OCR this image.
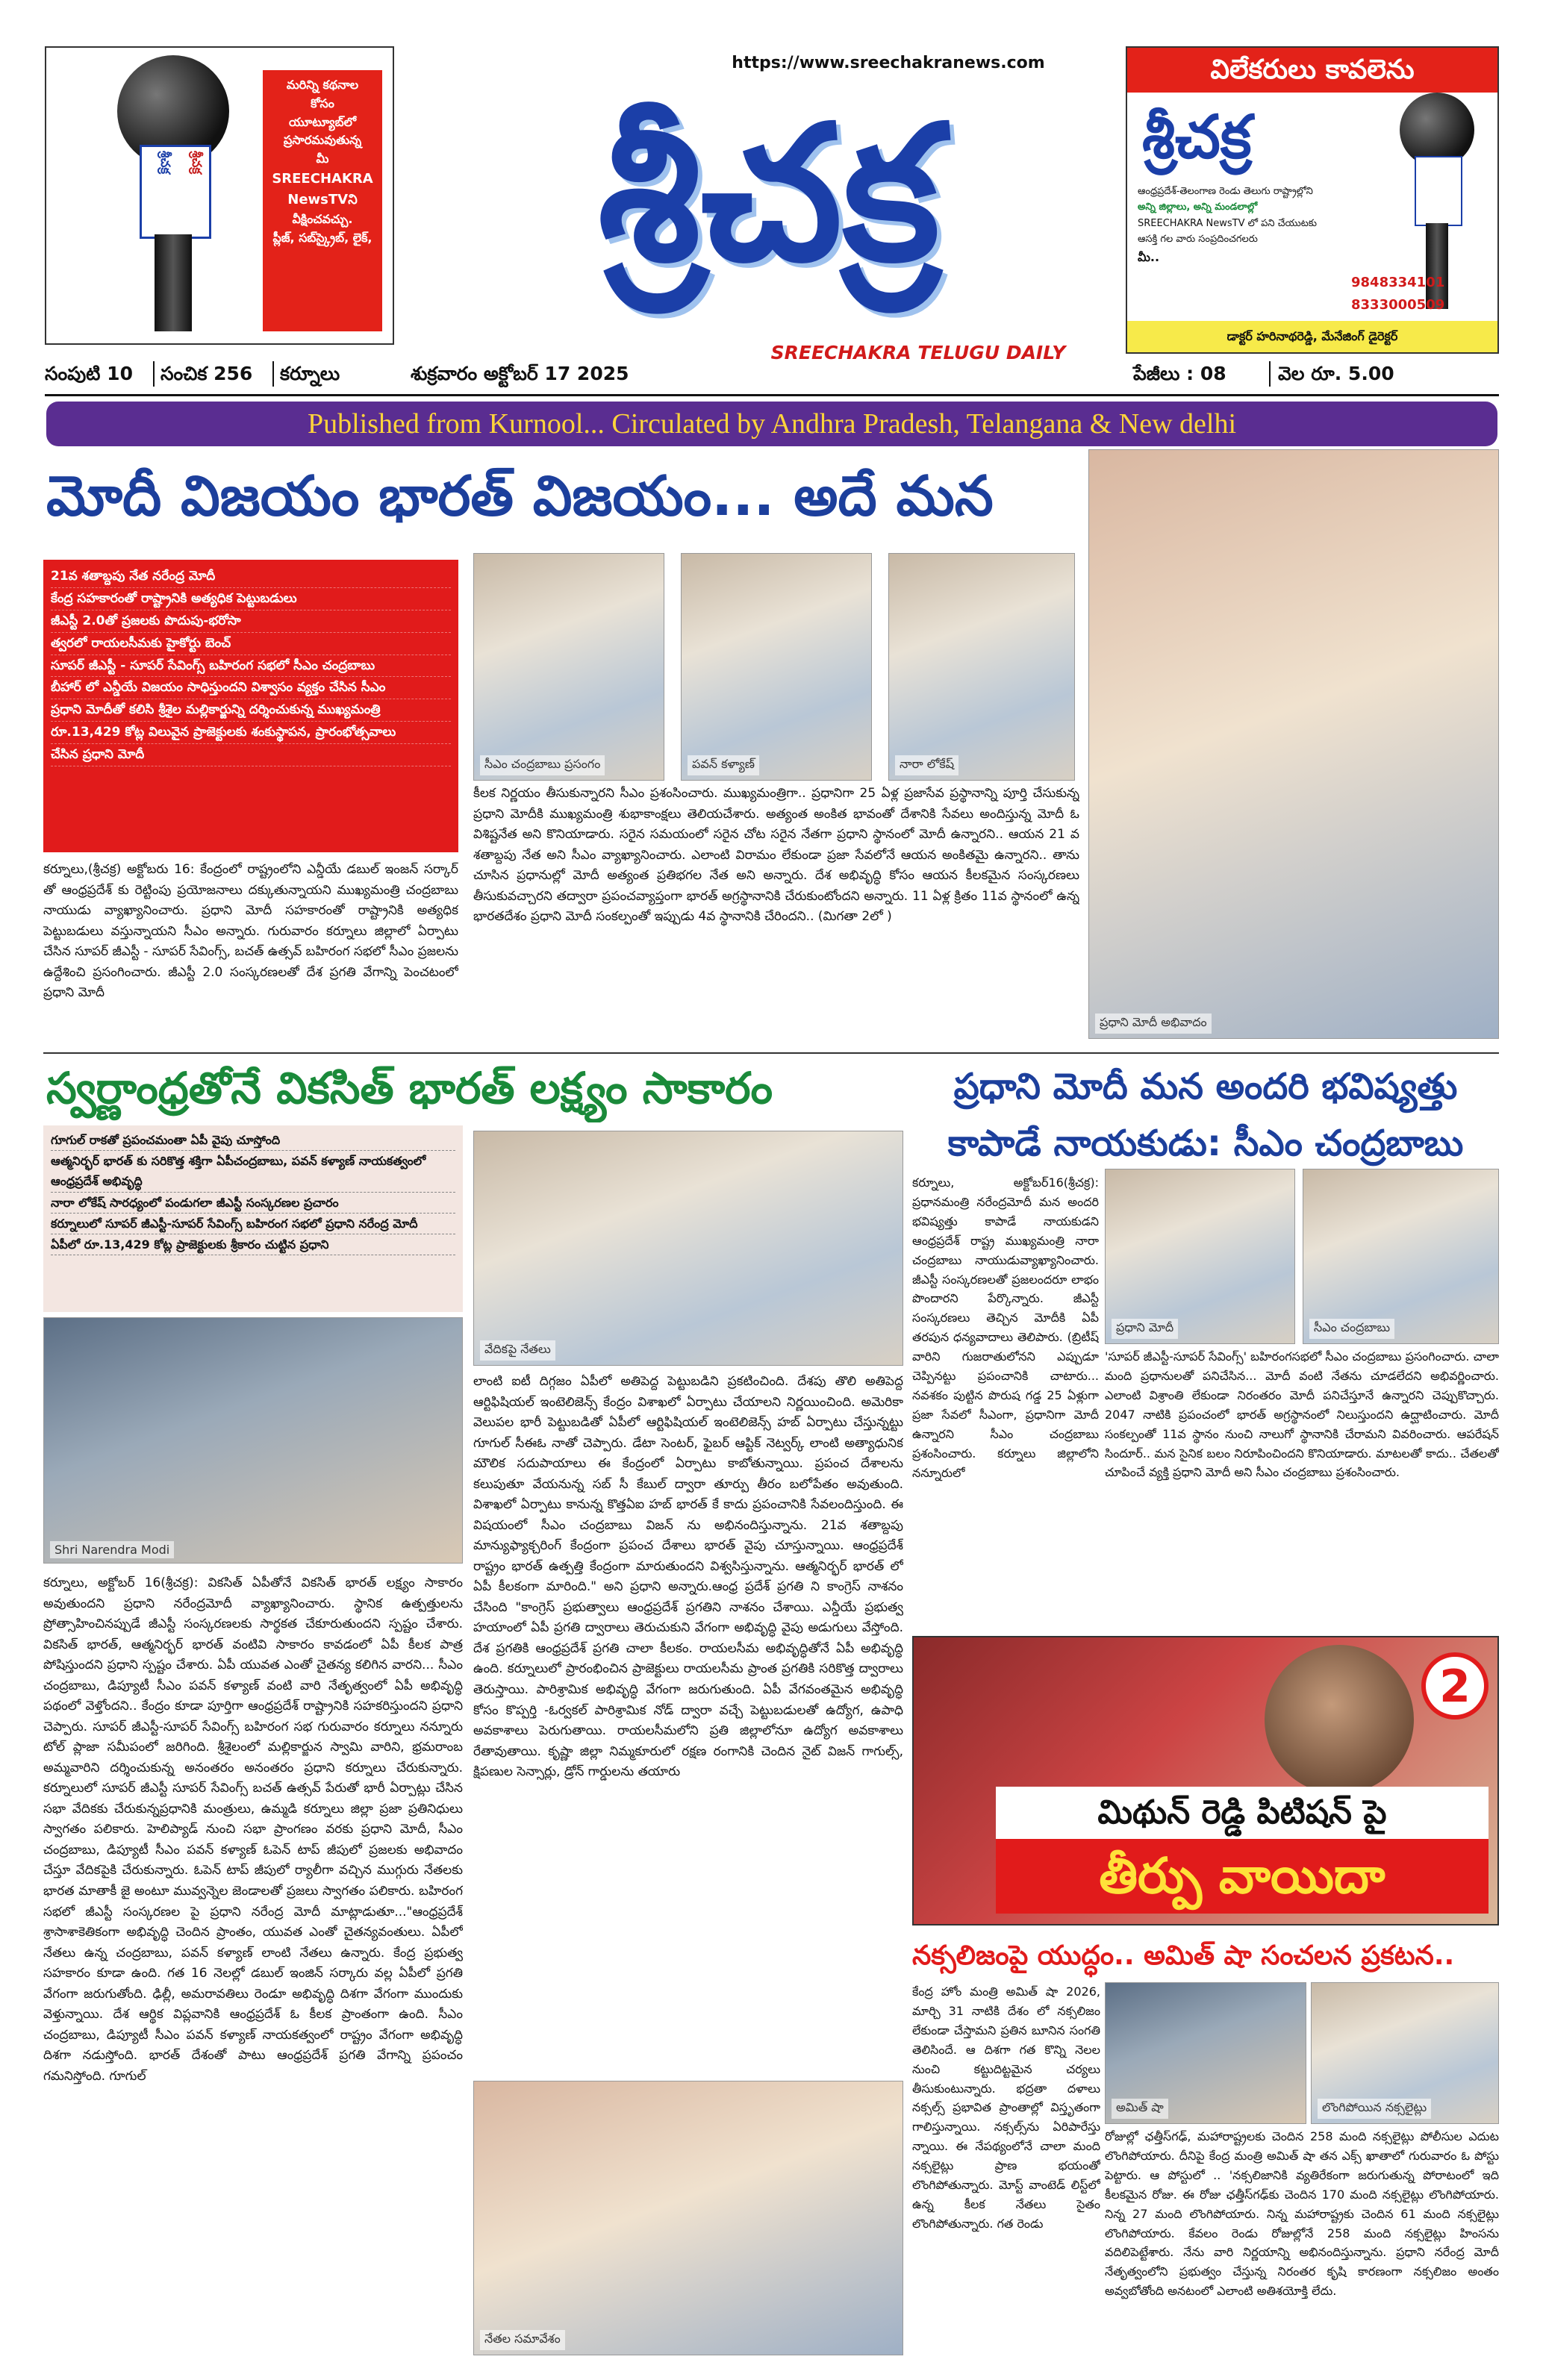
శ్రీచక్ర	శ్రీచక్ర
మరిన్ని కథనాల
కోసం
యూట్యూబ్‌లో
ప్రసారమవుతున్న
మీ
SREECHAKRA
NewsTVని
వీక్షించవచ్చు.
ప్లీజ్, సబ్‌స్క్రైబ్, లైక్,
https://www.sreechakranews.com
శ్రీచక్ర
SREECHAKRA TELUGU DAILY
విలేకరులు కావలెను
శ్రీచక్ర
ఆంధ్రప్రదేశ్-తెలంగాణ రెండు తెలుగు రాష్ట్రాల్లోని
అన్ని జిల్లాలు, అన్ని మండలాల్లో
SREECHAKRA NewsTV లో పని చేయుటకు
ఆసక్తి గల వారు సంప్రదించగలరు
మీ..
9848334101
8333000509
డాక్టర్ హరినాథరెడ్డి, మేనేజింగ్ డైరెక్టర్
సంపుటి 10 సంచిక 256 కర్నూలు	శుక్రవారం అక్టోబర్ 17 2025	పేజీలు : 08	వెల రూ. 5.00
Published from Kurnool... Circulated by Andhra Pradesh, Telangana & New delhi
మోదీ విజయం భారత్ విజయం... అదే మన
21వ శతాబ్దపు నేత నరేంద్ర మోదీ
కేంద్ర సహకారంతో రాష్ట్రానికి అత్యధిక పెట్టుబడులు
జీఎస్టీ 2.0తో ప్రజలకు పొదుపు-భరోసా
త్వరలో రాయలసీమకు హైకోర్టు బెంచ్
సూపర్ జీఎస్టీ - సూపర్ సేవింగ్స్ బహిరంగ సభలో సీఎం చంద్రబాబు
బీహార్ లో ఎన్డీయే విజయం సాధిస్తుందని విశ్వాసం వ్యక్తం చేసిన సీఎం
ప్రధాని మోదీతో కలిసి శ్రీశైల మల్లికార్జున్ని దర్శించుకున్న ముఖ్యమంత్రి
రూ.13,429 కోట్ల విలువైన ప్రాజెక్టులకు శంకుస్థాపన, ప్రారంభోత్సవాలు
చేసిన ప్రధాని మోదీ
సీఎం చంద్రబాబు ప్రసంగం	పవన్ కళ్యాణ్	నారా లోకేష్
ప్రధాని మోదీ అభివాదం
కర్నూలు,(శ్రీచక్ర) అక్టోబరు 16: కేంద్రంలో రాష్ట్రంలోని ఎన్డీయే డబుల్ ఇంజన్ సర్కార్ తో ఆంధ్రప్రదేశ్ కు రెట్టింపు ప్రయోజనాలు దక్కుతున్నాయని ముఖ్యమంత్రి చంద్రబాబు నాయుడు వ్యాఖ్యానించారు. ప్రధాని మోదీ సహకారంతో రాష్ట్రానికి అత్యధిక పెట్టుబడులు వస్తున్నాయని సీఎం అన్నారు. గురువారం కర్నూలు జిల్లాలో ఏర్పాటు చేసిన సూపర్ జీఎస్టీ - సూపర్ సేవింగ్స్, బచత్ ఉత్సవ్ బహిరంగ సభలో సీఎం ప్రజలను ఉద్దేశించి ప్రసంగించారు. జీఎస్టీ 2.0 సంస్కరణలతో దేశ ప్రగతి వేగాన్ని పెంచటంలో ప్రధాని మోదీ
కీలక నిర్ణయం తీసుకున్నారని సీఎం ప్రశంసించారు. ముఖ్యమంత్రిగా.. ప్రధానిగా 25 ఏళ్ల ప్రజాసేవ ప్రస్థానాన్ని పూర్తి చేసుకున్న ప్రధాని మోదీకి ముఖ్యమంత్రి శుభాకాంక్షలు తెలియచేశారు. అత్యంత అంకిత భావంతో దేశానికి సేవలు అందిస్తున్న మోదీ ఓ విశిష్టనేత అని కొనియాడారు. సరైన సమయంలో సరైన చోట సరైన నేతగా ప్రధాని స్థానంలో మోదీ ఉన్నారని.. ఆయన 21 వ శతాబ్దపు నేత అని సీఎం వ్యాఖ్యానించారు. ఎలాంటి విరామం లేకుండా ప్రజా సేవలోనే ఆయన అంకితమై ఉన్నారని.. తాను చూసిన ప్రధానుల్లో మోదీ అత్యంత ప్రతిభగల నేత అని అన్నారు. దేశ అభివృద్ధి కోసం ఆయన కీలకమైన సంస్కరణలు తీసుకువచ్చారని తద్వారా ప్రపంచవ్యాప్తంగా భారత్ అగ్రస్థానానికి చేరుకుంటోందని అన్నారు. 11 ఏళ్ల క్రితం 11వ స్థానంలో ఉన్న భారతదేశం ప్రధాని మోదీ సంకల్పంతో ఇప్పుడు 4వ స్థానానికి చేరిందని.. (మిగతా 2లో )
స్వర్ణాంధ్రతోనే వికసిత్ భారత్ లక్ష్యం సాకారం
గూగుల్ రాకతో ప్రపంచమంతా ఏపీ వైపు చూస్తోంది
ఆత్మనిర్భర్ భారత్ కు సరికొత్త శక్తిగా ఏపీచంద్రబాబు, పవన్ కళ్యాణ్ నాయకత్వంలో ఆంధ్రప్రదేశ్ అభివృద్ధి
నారా లోకేష్ సారధ్యంలో పండుగలా జీఎస్టీ సంస్కరణల ప్రచారం
కర్నూలులో సూపర్ జీఎస్టీ-సూపర్ సేవింగ్స్ బహిరంగ సభలో ప్రధాని నరేంద్ర మోదీ
ఏపీలో రూ.13,429 కోట్ల ప్రాజెక్టులకు శ్రీకారం చుట్టిన ప్రధాని
వేదికపై నేతలు
Shri Narendra Modi
కర్నూలు, అక్టోబర్ 16(శ్రీచక్ర): వికసిత్ ఏపీతోనే వికసిత్ భారత్ లక్ష్యం సాకారం అవుతుందని ప్రధాని నరేంద్రమోదీ వ్యాఖ్యానించారు. స్థానిక ఉత్పత్తులను ప్రోత్సాహించినప్పుడే జీఎస్టీ సంస్కరణలకు సార్థకత చేకూరుతుందని స్పష్టం చేశారు. వికసిత్ భారత్, ఆత్మనిర్భర్ భారత్ వంటివి సాకారం కావడంలో ఏపీ కీలక పాత్ర పోషిస్తుందని ప్రధాని స్పష్టం చేశారు. ఏపీ యువత ఎంతో చైతన్య కలిగిన వారని... సీఎం చంద్రబాబు, డిప్యూటీ సీఎం పవన్ కళ్యాణ్ వంటి వారి నేతృత్వంలో ఏపీ అభివృద్ధి పథంలో వెళ్తోందని.. కేంద్రం కూడా పూర్తిగా ఆంధ్రప్రదేశ్ రాష్ట్రానికి సహకరిస్తుందని ప్రధాని చెప్పారు. సూపర్ జీఎస్టీ-సూపర్ సేవింగ్స్ బహిరంగ సభ గురువారం కర్నూలు నన్నూరు టోల్ ప్లాజా సమీపంలో జరిగింది. శ్రీశైలంలో మల్లికార్జున స్వామి వారిని, భ్రమరాంబ అమ్మవారిని దర్శించుకున్న అనంతరం అనంతరం ప్రధాని కర్నూలు చేరుకున్నారు. కర్నూలులో సూపర్ జీఎస్టీ సూపర్ సేవింగ్స్ బచత్ ఉత్సవ్ పేరుతో భారీ ఏర్పాట్లు చేసిన సభా వేదికకు చేరుకున్నప్రధానికి మంత్రులు, ఉమ్మడి కర్నూలు జిల్లా ప్రజా ప్రతినిధులు స్వాగతం పలికారు. హెలిప్యాడ్ నుంచి సభా ప్రాంగణం వరకు ప్రధాని మోదీ, సీఎం చంద్రబాబు, డిప్యూటీ సీఎం పవన్ కళ్యాణ్ ఓపెన్ టాప్ జీపులో ప్రజలకు అభివాదం చేస్తూ వేదికపైకి చేరుకున్నారు. ఓపెన్ టాప్ జీపులో ర్యాలీగా వచ్చిన ముగ్గురు నేతలకు భారత మాతాకీ జై అంటూ మువ్వన్నెల జెండాలతో ప్రజలు స్వాగతం పలికారు. బహిరంగ సభలో జీఎస్టీ సంస్కరణల పై ప్రధాని నరేంద్ర మోదీ మాట్లాడుతూ..."ఆంధ్రప్రదేశ్ శ్రాసాశాకెతికంగా అభివృద్ధి చెందిన ప్రాంతం, యువత ఎంతో చైతన్యవంతులు. ఏపీలో నేతలు ఉన్న చంద్రబాబు, పవన్ కళ్యాణ్ లాంటి నేతలు ఉన్నారు. కేంద్ర ప్రభుత్వ సహకారం కూడా ఉంది. గత 16 నెలల్లో డబుల్ ఇంజిన్ సర్కారు వల్ల ఏపీలో ప్రగతి వేగంగా జరుగుతోంది. ఢిల్లీ, అమరావతిలు రెండూ అభివృద్ధి దిశగా వేగంగా ముందుకు వెళ్తున్నాయి. దేశ ఆర్థిక విప్లవానికి ఆంధ్రప్రదేశ్ ఓ కీలక ప్రాంతంగా ఉంది. సీఎం చంద్రబాబు, డిప్యూటీ సీఎం పవన్ కళ్యాణ్ నాయకత్వంలో రాష్ట్రం వేగంగా అభివృద్ధి దిశగా నడుస్తోంది. భారత్ దేశంతో పాటు ఆంధ్రప్రదేశ్ ప్రగతి వేగాన్ని ప్రపంచం గమనిస్తోంది. గూగుల్
లాంటి ఐటీ దిగ్గజం ఏపీలో అతిపెద్ద పెట్టుబడిని ప్రకటించింది. దేశపు తొలి అతిపెద్ద ఆర్టిఫిషియల్ ఇంటెలిజెన్స్ కేంద్రం విశాఖలో ఏర్పాటు చేయాలని నిర్ణయించింది. అమెరికా వెలుపల భారీ పెట్టుబడితో ఏపీలో ఆర్టిఫిషియల్ ఇంటెలిజెన్స్ హబ్ ఏర్పాటు చేస్తున్నట్టు గూగుల్ సీఈఓ నాతో చెప్పారు. డేటా సెంటర్, ఫైబర్ ఆప్టిక్ నెట్వర్క్ లాంటి అత్యాధునిక మౌలిక సదుపాయాలు ఈ కేంద్రంలో ఏర్పాటు కాబోతున్నాయి. ప్రపంచ దేశాలను కలుపుతూ వేయనున్న సబ్ సీ కేబుల్ ద్వారా తూర్పు తీరం బలోపేతం అవుతుంది. విశాఖలో ఏర్పాటు కానున్న కొత్తఏఐ హబ్ భారత్ కే కాదు ప్రపంచానికి సేవలందిస్తుంది. ఈ విషయంలో సీఎం చంద్రబాబు విజన్ ను అభినందిస్తున్నాను. 21వ శతాబ్దపు మాన్యుఫ్యాక్చరింగ్ కేంద్రంగా ప్రపంచ దేశాలు భారత్ వైపు చూస్తున్నాయి. ఆంధ్రప్రదేశ్ రాష్ట్రం భారత్ ఉత్పత్తి కేంద్రంగా మారుతుందని విశ్వసిస్తున్నాను. ఆత్మనిర్భర్ భారత్ లో ఏపీ కీలకంగా మారింది." అని ప్రధాని అన్నారు.ఆంధ్ర ప్రదేశ్ ప్రగతి ని కాంగ్రెస్ నాశనం చేసింది "కాంగ్రెస్ ప్రభుత్వాలు ఆంధ్రప్రదేశ్ ప్రగతిని నాశనం చేశాయి. ఎన్డీయే ప్రభుత్వ హయాంలో ఏపీ ప్రగతి ద్వారాలు తెరుచుకుని వేగంగా అభివృద్ధి వైపు అడుగులు వేస్తోంది. దేశ ప్రగతికి ఆంధ్రప్రదేశ్ ప్రగతి చాలా కీలకం. రాయలసీమ అభివృద్ధితోనే ఏపీ అభివృద్ధి ఉంది. కర్నూలులో ప్రారంభించిన ప్రాజెక్టులు రాయలసీమ ప్రాంత ప్రగతికి సరికొత్త ద్వారాలు తెరుస్తాయి. పారిశ్రామిక అభివృద్ధి వేగంగా జరుగుతుంది. ఏపీ వేగవంతమైన అభివృద్ధి కోసం కొప్పర్తి -ఓర్వకల్ పారిశ్రామిక నోడ్ ద్వారా వచ్చే పెట్టుబడులతో ఉద్యోగ, ఉపాధి అవకాశాలు పెరుగుతాయి. రాయలసీమలోని ప్రతి జిల్లాలోనూ ఉద్యోగ అవకాశాలు రేతావుతాయి. కృష్ణా జిల్లా నిమ్మకూరులో రక్షణ రంగానికి చెందిన నైట్ విజన్ గాగుల్స్, క్షిపణుల సెన్సార్లు, డ్రోన్ గార్డులను తయారు
నేతల సమావేశం
ప్రధాని మోదీ మన అందరి భవిష్యత్తు
కాపాడే నాయకుడు: సీఎం చంద్రబాబు
కర్నూలు, అక్టోబర్16(శ్రీచక్ర): ప్రధానమంత్రి నరేంద్రమోదీ మన అందరి భవిష్యత్తు కాపాడే నాయకుడని ఆంధ్రప్రదేశ్ రాష్ట్ర ముఖ్యమంత్రి నారా చంద్రబాబు నాయుడువ్యాఖ్యానించారు. జీఎస్టీ సంస్కరణలతో ప్రజలందరూ లాభం పొందారని పేర్కొన్నారు. జీఎస్టీ సంస్కరణలు తెచ్చిన మోదీకి ఏపీ తరపున ధన్యవాదాలు తెలిపారు. (బ్రిటీష్ వారిని గుజరాతులోనని ఎప్పుడూ చెప్పినట్టు ప్రపంచానికి చాటారు... నవశకం పుట్టిన పొరుష గడ్డ 25 ఏళ్లుగా ప్రజా సేవలో సీఎంగా, ప్రధానిగా మోదీ ఉన్నారని సీఎం చంద్రబాబు ప్రశంసించారు. కర్నూలు జిల్లాలోని నన్నూరులో
ప్రధాని మోదీ	సీఎం చంద్రబాబు
'సూపర్ జీఎస్టీ-సూపర్ సేవింగ్స్' బహిరంగసభలో సీఎం చంద్రబాబు ప్రసంగించారు. చాలా మంది ప్రధానులతో పనిచేసిన... మోదీ వంటి నేతను చూడలేదని అభివర్ణించారు. ఎలాంటి విశ్రాంతి లేకుండా నిరంతరం మోదీ పనిచేస్తూనే ఉన్నారని చెప్పుకొచ్చారు. 2047 నాటికి ప్రపంచంలో భారత్ అగ్రస్థానంలో నిలుస్తుందని ఉద్ఘాటించారు. మోదీ సంకల్పంతో 11వ స్థానం నుంచి నాలుగో స్థానానికి చేరామని వివరించారు. ఆపరేషన్ సిందూర్.. మన సైనిక బలం నిరూపించిందని కొనియాడారు. మాటలతో కాదు.. చేతలతో చూపించే వ్యక్తి ప్రధాని మోదీ అని సీఎం చంద్రబాబు ప్రశంసించారు.
2
మిథున్ రెడ్డి పిటిషన్ పై
తీర్పు వాయిదా
నక్సలిజంపై యుద్ధం.. అమిత్ షా సంచలన ప్రకటన..
కేంద్ర హోం మంత్రి అమిత్ షా 2026, మార్చి 31 నాటికి దేశం లో నక్సలిజం లేకుండా చేస్తామని ప్రతిన బూనిన సంగతి తెలిసిందే. ఆ దిశగా గత కొన్ని నెలల నుంచి కట్టుదిట్టమైన చర్యలు తీసుకుంటున్నారు. భద్రతా దళాలు నక్సల్స్ ప్రభావిత ప్రాంతాల్లో విస్తృతంగా గాలిస్తున్నాయి. నక్సల్స్‌ను ఏరిపారేస్తు న్నాయి. ఈ నేపథ్యంలోనే చాలా మంది నక్సలైట్లు ప్రాణ భయంతో లొంగిపోతున్నారు. మోస్ట్ వాంటెడ్ లిస్ట్‌లో ఉన్న కీలక నేతలు సైతం లొంగిపోతున్నారు. గత రెండు
అమిత్ షా	లొంగిపోయిన నక్సలైట్లు
రోజుల్లో ఛత్తీస్‌గఢ్, మహారాష్ట్రలకు చెందిన 258 మంది నక్సలైట్లు పోలీసుల ఎదుట లొంగిపోయారు. దీనిపై కేంద్ర మంత్రి అమిత్ షా తన ఎక్స్ ఖాతాలో గురువారం ఓ పోస్టు పెట్టారు. ఆ పోస్టులో .. 'నక్సలిజానికి వ్యతిరేకంగా జరుగుతున్న పోరాటంలో ఇది కీలకమైన రోజు. ఈ రోజు ఛత్తీస్‌గఢ్‌కు చెందిన 170 మంది నక్సలైట్లు లొంగిపోయారు. నిన్న 27 మంది లొంగిపోయారు. నిన్న మహారాష్ట్రకు చెందిన 61 మంది నక్సలైట్లు లొంగిపోయారు. కేవలం రెండు రోజుల్లోనే 258 మంది నక్సలైట్లు హింసను వదిలిపెట్టేశారు. నేను వారి నిర్ణయాన్ని అభినందిస్తున్నాను. ప్రధాని నరేంద్ర మోదీ నేతృత్వంలోని ప్రభుత్వం చేస్తున్న నిరంతర కృషి కారణంగా నక్సలిజం అంతం అవ్వబోతోంది అనటంలో ఎలాంటి అతిశయోక్తి లేదు.
